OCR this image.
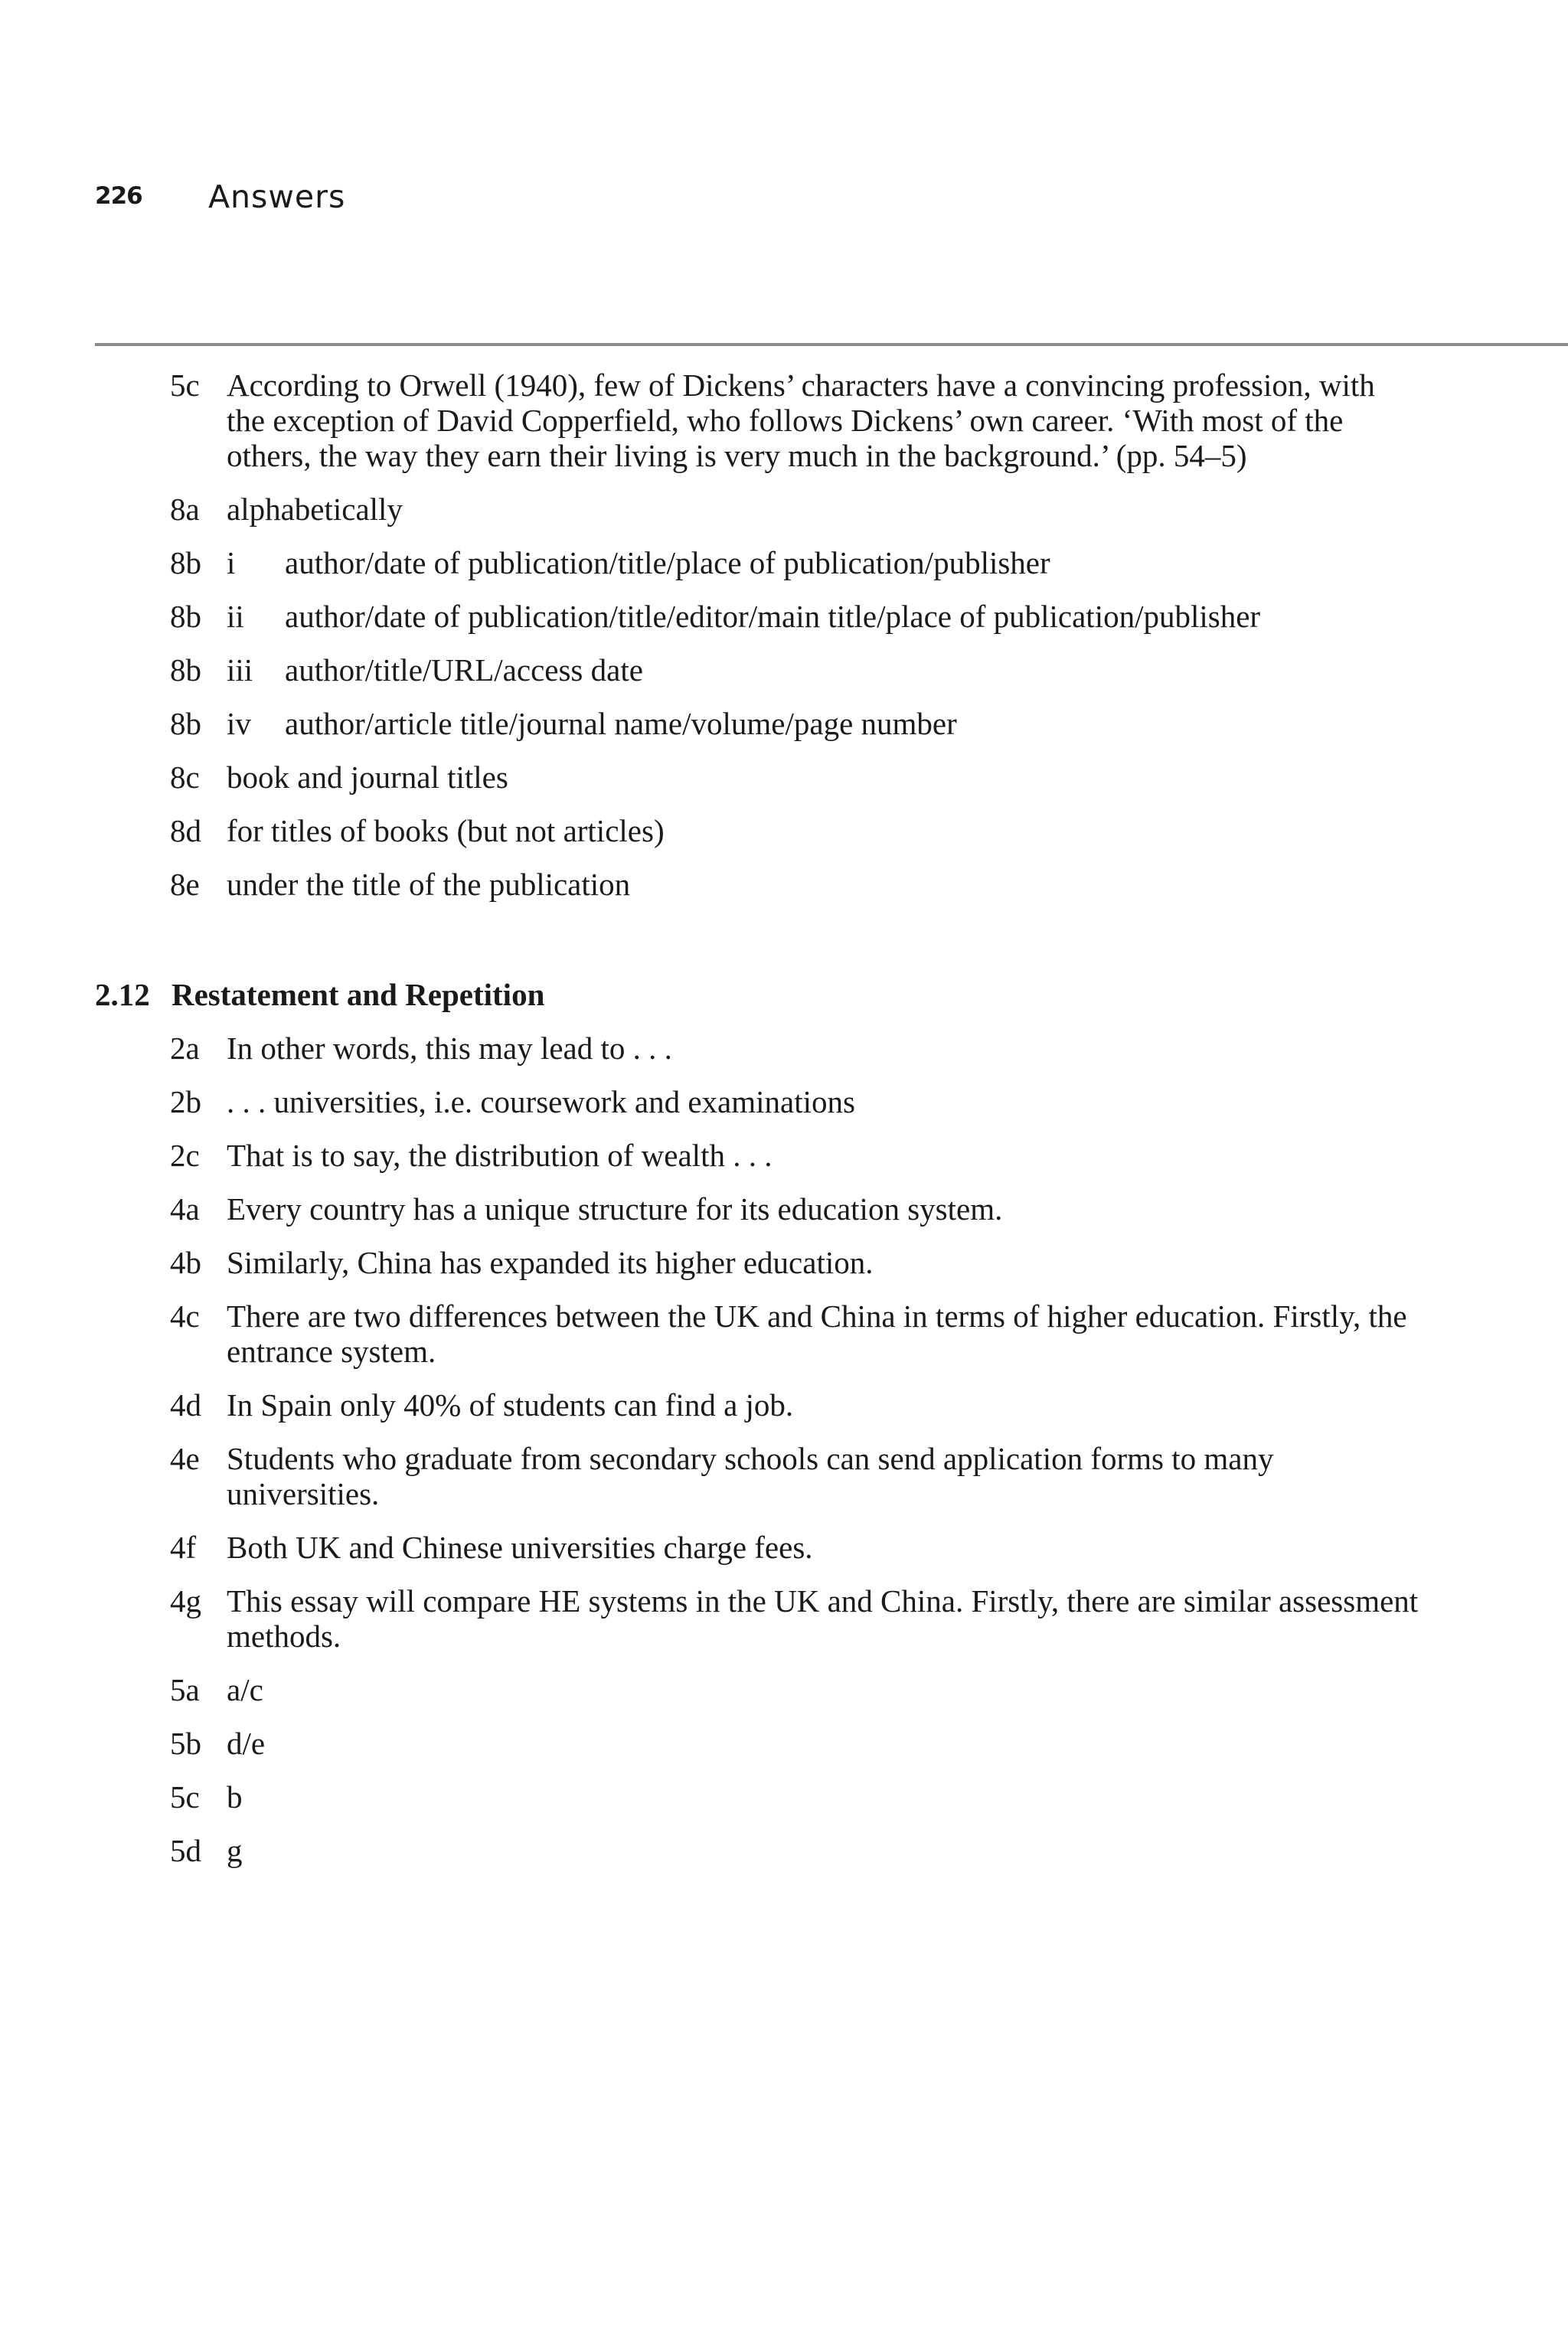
226 Answers
5c According to Orwell (1940), few of Dickens’ characters have a convincing profession, with the exception of David Copperfield, who follows Dickens’ own career. ‘With most of the others, the way they earn their living is very much in the background.’ (pp. 54–5)
8a alphabetically
8b i author/date of publication/title/place of publication/publisher
8b ii author/date of publication/title/editor/main title/place of publication/publisher
8b iii author/title/URL/access date
8b iv author/article title/journal name/volume/page number
8c book and journal titles
8d for titles of books (but not articles)
8e under the title of the publication
2.12 Restatement and Repetition
2a In other words, this may lead to . . .
2b . . . universities, i.e. coursework and examinations
2c That is to say, the distribution of wealth . . .
4a Every country has a unique structure for its education system.
4b Similarly, China has expanded its higher education.
4c There are two differences between the UK and China in terms of higher education. Firstly, the entrance system.
4d In Spain only 40% of students can find a job.
4e Students who graduate from secondary schools can send application forms to many universities.
4f Both UK and Chinese universities charge fees.
4g This essay will compare HE systems in the UK and China. Firstly, there are similar assessment methods.
5a a/c
5b d/e
5c b
5d g
